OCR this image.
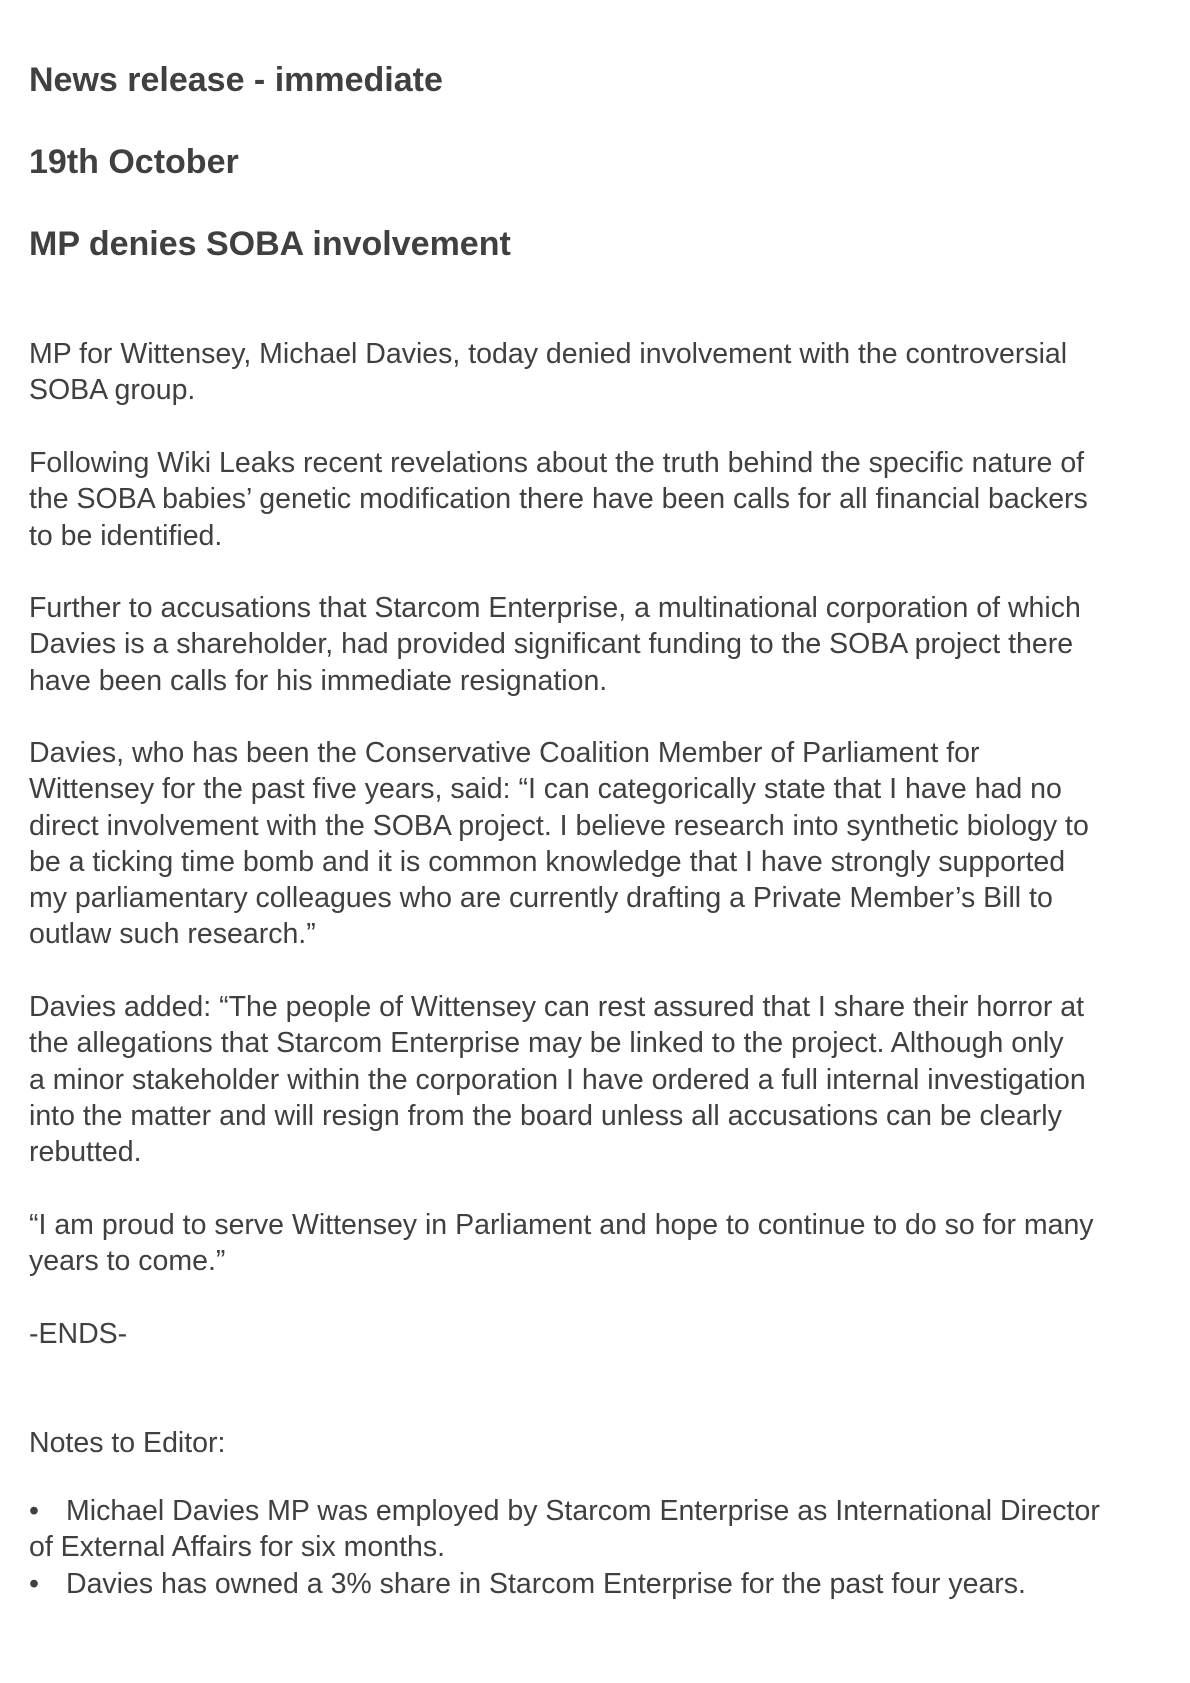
News release - immediate
19th October
MP denies SOBA involvement

MP for Wittensey, Michael Davies, today denied involvement with the controversial
SOBA group.

Following Wiki Leaks recent revelations about the truth behind the specific nature of
the SOBA babies’ genetic modification there have been calls for all financial backers
to be identified.

Further to accusations that Starcom Enterprise, a multinational corporation of which
Davies is a shareholder, had provided significant funding to the SOBA project there
have been calls for his immediate resignation.

Davies, who has been the Conservative Coalition Member of Parliament for
Wittensey for the past five years, said: “I can categorically state that I have had no
direct involvement with the SOBA project. I believe research into synthetic biology to
be a ticking time bomb and it is common knowledge that I have strongly supported
my parliamentary colleagues who are currently drafting a Private Member’s Bill to
outlaw such research.”

Davies added: “The people of Wittensey can rest assured that I share their horror at
the allegations that Starcom Enterprise may be linked to the project. Although only
a minor stakeholder within the corporation I have ordered a full internal investigation
into the matter and will resign from the board unless all accusations can be clearly
rebutted.

“I am proud to serve Wittensey in Parliament and hope to continue to do so for many
years to come.”

-ENDS-

Notes to Editor:

• Michael Davies MP was employed by Starcom Enterprise as International Director
of External Affairs for six months.
• Davies has owned a 3% share in Starcom Enterprise for the past four years.
